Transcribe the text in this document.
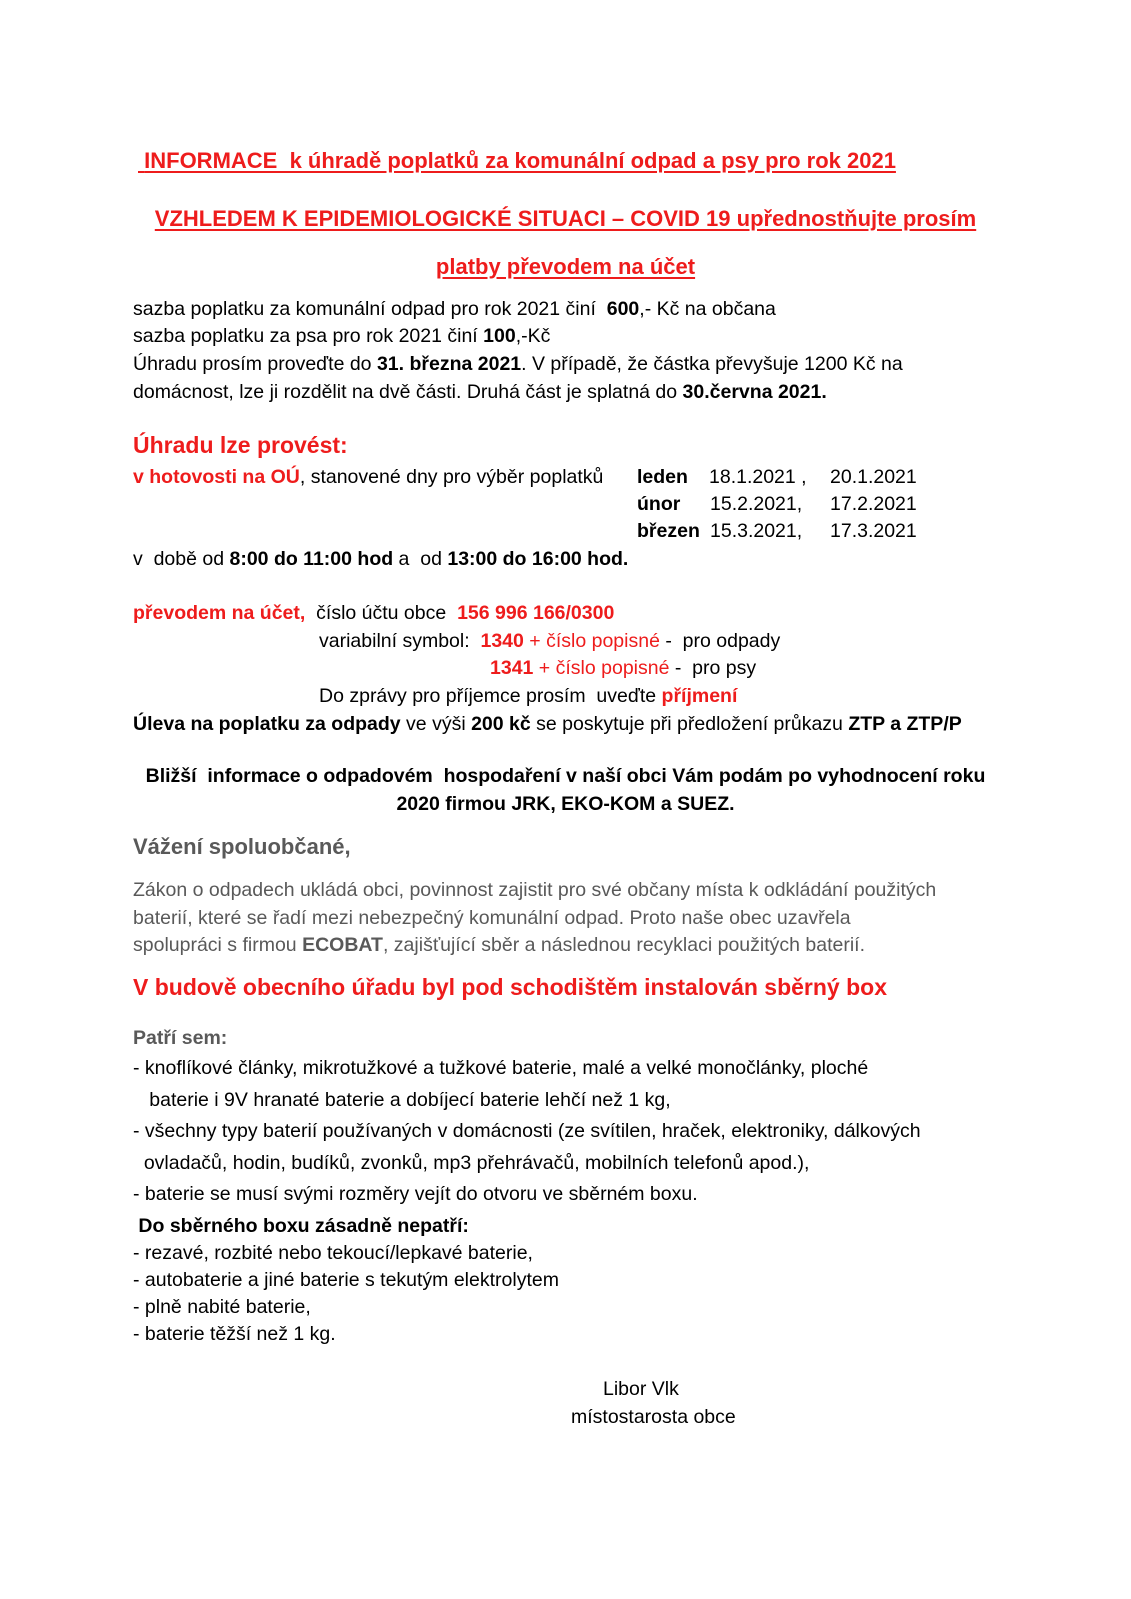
INFORMACE  k úhradě poplatků za komunální odpad a psy pro rok 2021
VZHLEDEM K EPIDEMIOLOGICKÉ SITUACI – COVID 19 upřednostňujte prosím
platby převodem na účet
sazba poplatku za komunální odpad pro rok 2021 činí  600,- Kč na občana
sazba poplatku za psa pro rok 2021 činí 100,-Kč
Úhradu prosím proveďte do 31. března 2021. V případě, že částka převyšuje 1200 Kč na
domácnost, lze ji rozdělit na dvě části. Druhá část je splatná do 30.června 2021.
Úhradu lze provést:
v hotovosti na OÚ, stanovené dny pro výběr poplatků leden 18.1.2021 , 20.1.2021
únor 15.2.2021, 17.2.2021
březen 15.3.2021, 17.3.2021
v  době od 8:00 do 11:00 hod a  od 13:00 do 16:00 hod.
převodem na účet,  číslo účtu obce  156 996 166/0300
variabilní symbol:  1340 + číslo popisné -  pro odpady
1341 + číslo popisné -  pro psy
Do zprávy pro příjemce prosím  uveďte příjmení
Úleva na poplatku za odpady ve výši 200 kč se poskytuje při předložení průkazu ZTP a ZTP/P
Bližší  informace o odpadovém  hospodaření v naší obci Vám podám po vyhodnocení roku
2020 firmou JRK, EKO-KOM a SUEZ.
Vážení spoluobčané,
Zákon o odpadech ukládá obci, povinnost zajistit pro své občany místa k odkládání použitých
baterií, které se řadí mezi nebezpečný komunální odpad. Proto naše obec uzavřela
spolupráci s firmou ECOBAT, zajišťující sběr a následnou recyklaci použitých baterií.
V budově obecního úřadu byl pod schodištěm instalován sběrný box
Patří sem:
- knoflíkové články, mikrotužkové a tužkové baterie, malé a velké monočlánky, ploché
baterie i 9V hranaté baterie a dobíjecí baterie lehčí než 1 kg,
- všechny typy baterií používaných v domácnosti (ze svítilen, hraček, elektroniky, dálkových
ovladačů, hodin, budíků, zvonků, mp3 přehrávačů, mobilních telefonů apod.),
- baterie se musí svými rozměry vejít do otvoru ve sběrném boxu.
Do sběrného boxu zásadně nepatří:
- rezavé, rozbité nebo tekoucí/lepkavé baterie,
- autobaterie a jiné baterie s tekutým elektrolytem
- plně nabité baterie,
- baterie těžší než 1 kg.
Libor Vlk
místostarosta obce
